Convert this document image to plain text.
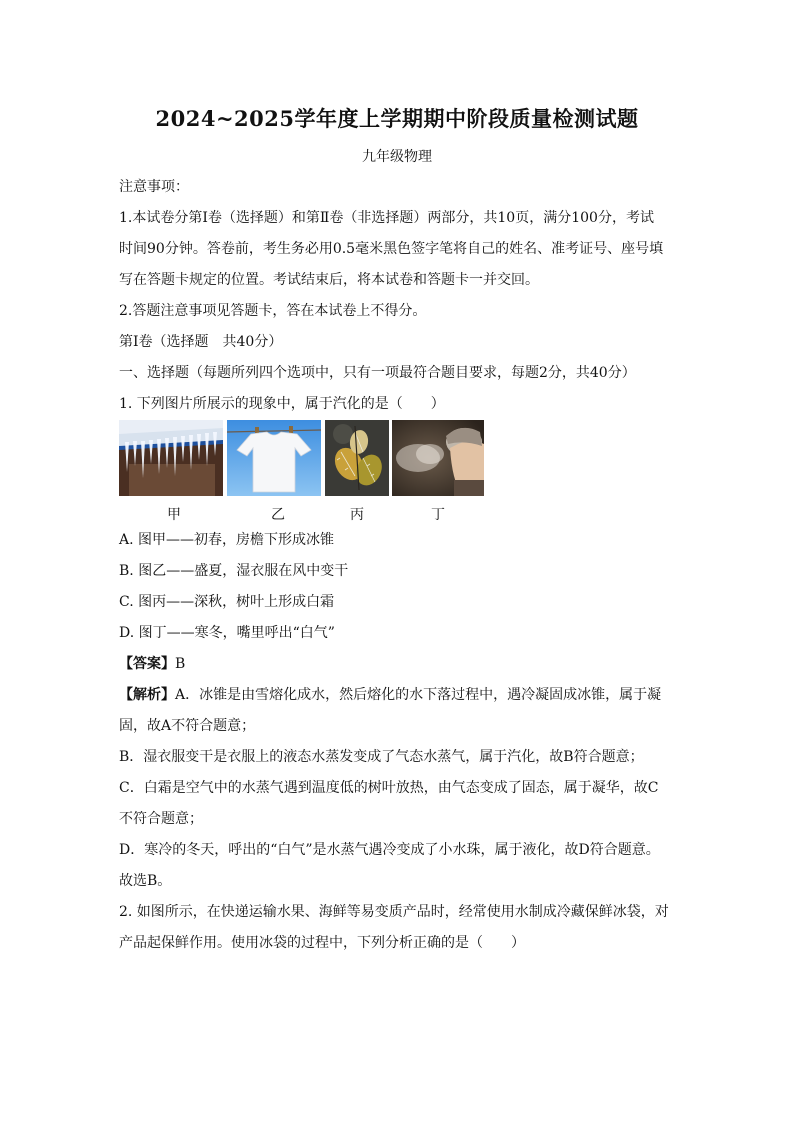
2024~2025学年度上学期期中阶段质量检测试题
九年级物理
注意事项：
1.本试卷分第Ⅰ卷（选择题）和第Ⅱ卷（非选择题）两部分，共10页，满分100分，考试
时间90分钟。答卷前，考生务必用0.5毫米黑色签字笔将自己的姓名、准考证号、座号填
写在答题卡规定的位置。考试结束后，将本试卷和答题卡一并交回。
2.答题注意事项见答题卡，答在本试卷上不得分。
第Ⅰ卷（选择题　共40分）
一、选择题（每题所列四个选项中，只有一项最符合题目要求，每题2分，共40分）
1. 下列图片所展示的现象中，属于汽化的是（　　）
甲	乙	丙	丁
A. 图甲——初春，房檐下形成冰锥
B. 图乙——盛夏，湿衣服在风中变干
C. 图丙——深秋，树叶上形成白霜
D. 图丁——寒冬，嘴里呼出“白气”
【答案】B
【解析】A．冰锥是由雪熔化成水，然后熔化的水下落过程中，遇冷凝固成冰锥，属于凝
固，故A不符合题意；
B．湿衣服变干是衣服上的液态水蒸发变成了气态水蒸气，属于汽化，故B符合题意；
C．白霜是空气中的水蒸气遇到温度低的树叶放热，由气态变成了固态，属于凝华，故C
不符合题意；
D．寒冷的冬天，呼出的“白气”是水蒸气遇冷变成了小水珠，属于液化，故D符合题意。
故选B。
2. 如图所示，在快递运输水果、海鲜等易变质产品时，经常使用水制成冷藏保鲜冰袋，对
产品起保鲜作用。使用冰袋的过程中，下列分析正确的是（　　）
